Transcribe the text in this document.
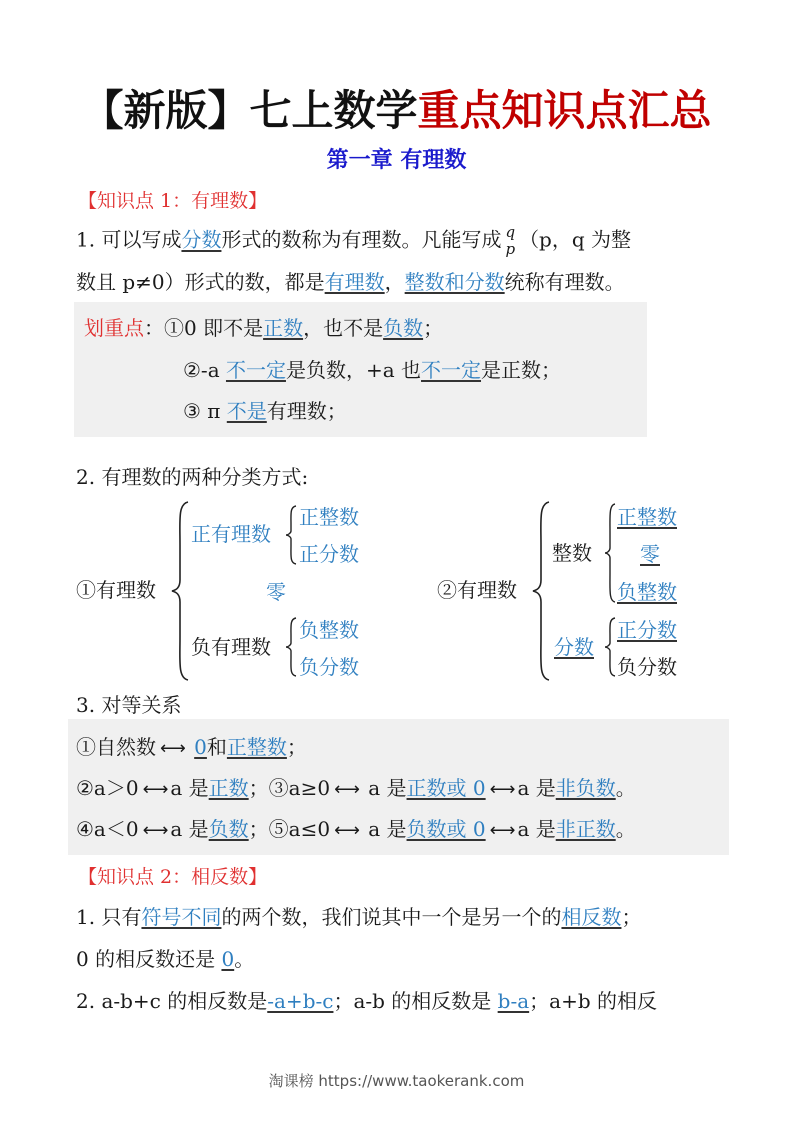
【新版】七上数学重点知识点汇总
第一章 有理数
【知识点 1：有理数】
1. 可以写成分数形式的数称为有理数。凡能写成 q
p （p，q 为整
数且 p≠0）形式的数，都是有理数，整数和分数统称有理数。
划重点：①0 即不是正数，也不是负数；
②-a 不一定是负数，+a 也不一定是正数；
③ π 不是有理数；
2. 有理数的两种分类方式:
①有理数
正有理数
正整数
正分数
零
负有理数
负整数
负分数
②有理数
整数
正整数
零
负整数
分数
正分数
负分数
3. 对等关系
①自然数 ⟷ 0和正整数；
②a＞0 ⟷ a 是正数；③a≥0 ⟷ a 是正数或 0 ⟷ a 是非负数。
④a＜0 ⟷ a 是负数；⑤a≤0 ⟷ a 是负数或 0 ⟷ a 是非正数。
【知识点 2：相反数】
1. 只有符号不同的两个数，我们说其中一个是另一个的相反数；
0 的相反数还是 0。
2. a-b+c 的相反数是-a+b-c；a-b 的相反数是 b-a；a+b 的相反
淘课榜 https://www.taokerank.com
